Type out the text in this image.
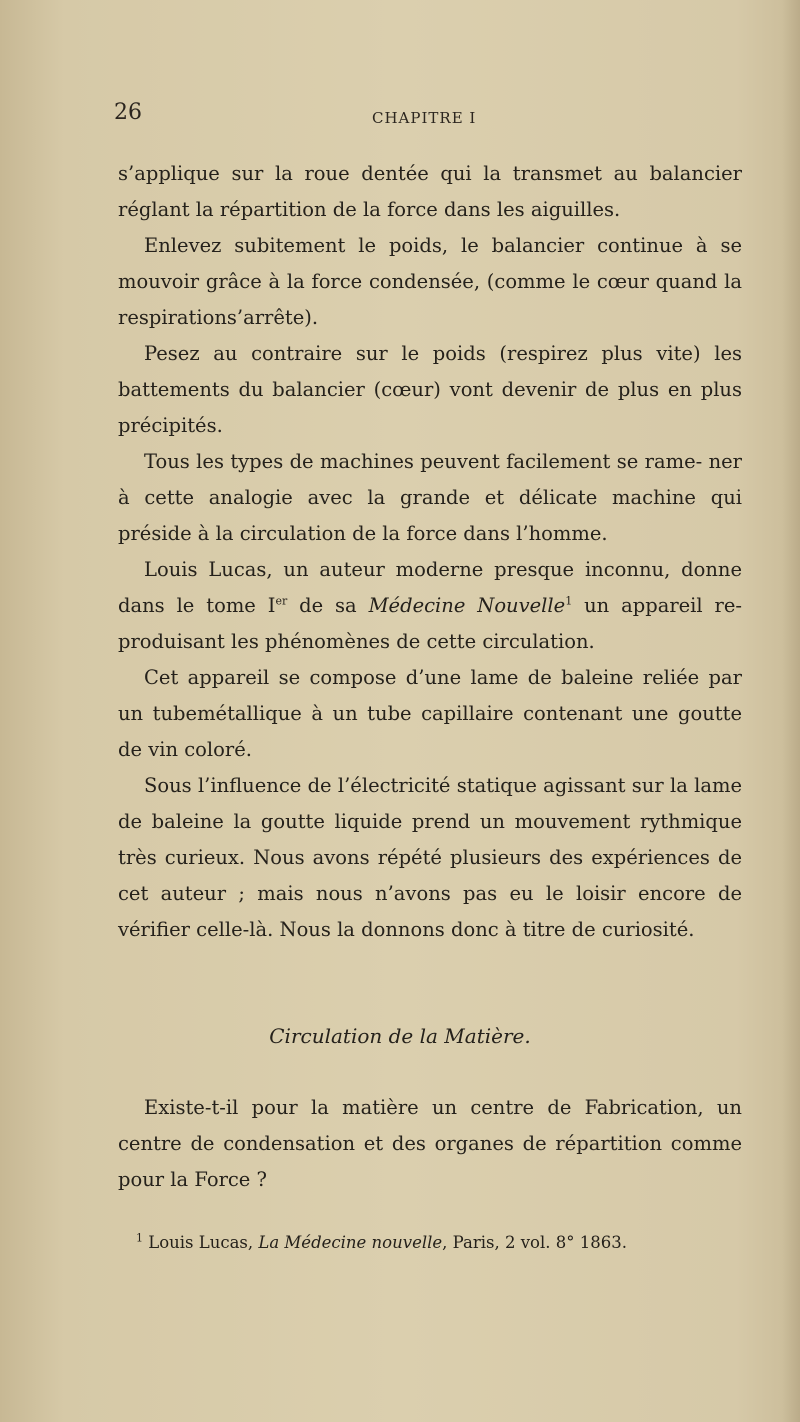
26	CHAPITRE I

s’applique sur la roue dentée qui la transmet au balancier réglant la répartition de la force dans les aiguilles.

Enlevez subitement le poids, le balancier continue à se mouvoir grâce à la force condensée, (comme le cœur quand la respirations’arrête).

Pesez au contraire sur le poids (respirez plus vite) les battements du balancier (cœur) vont devenir de plus en plus précipités.

Tous les types de machines peuvent facilement se rame- ner à cette analogie avec la grande et délicate machine qui préside à la circulation de la force dans l’homme.

Louis Lucas, un auteur moderne presque inconnu, donne dans le tome Ier de sa Médecine Nouvelle$^1$ un appareil re- produisant les phénomènes de cette circulation.

Cet appareil se compose d’une lame de baleine reliée par un tubemétallique à un tube capillaire contenant une goutte de vin coloré.

Sous l’influence de l’électricité statique agissant sur la lame de baleine la goutte liquide prend un mouvement rythmique très curieux. Nous avons répété plusieurs des expériences de cet auteur ; mais nous n’avons pas eu le loisir encore de vérifier celle-là. Nous la donnons donc à titre de curiosité.

Circulation de la Matière.

Existe-t-il pour la matière un centre de Fabrication, un centre de condensation et des organes de répartition comme pour la Force ?

$^1$ Louis Lucas, La Médecine nouvelle, Paris, 2 vol. 8° 1863.
